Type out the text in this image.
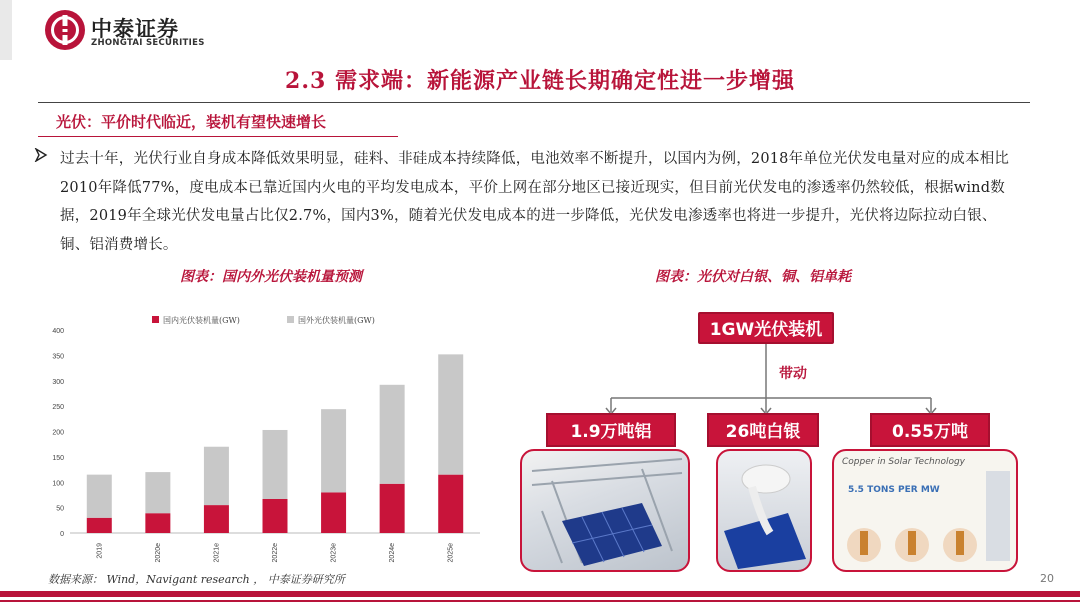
中泰证券
ZHONGTAI SECURITIES
2.3 需求端：新能源产业链长期确定性进一步增强
光伏：平价时代临近，装机有望快速增长
过去十年，光伏行业自身成本降低效果明显，硅料、非硅成本持续降低，电池效率不断提升，以国内为例，2018年单位光伏发电量对应的成本相比2010年降低77%，度电成本已靠近国内火电的平均发电成本，平价上网在部分地区已接近现实，但目前光伏发电的渗透率仍然较低，根据wind数据，2019年全球光伏发电量占比仅2.7%，国内3%，随着光伏发电成本的进一步降低，光伏发电渗透率也将进一步提升，光伏将边际拉动白银、铜、铝消费增长。
图表：国内外光伏装机量预测	图表：光伏对白银、铜、铝单耗
0
50
100
150
200
250
300
350
400
国内光伏装机量(GW)	国外光伏装机量(GW)
2019	2020e	2021e	2022e	2023e	2024e	2025e
1GW光伏装机
带动
1.9万吨铝	26吨白银	0.55万吨
Copper in Solar Technology
5.5 TONS PER MW
数据来源： Wind，Navigant research ， 中泰证券研究所	20
